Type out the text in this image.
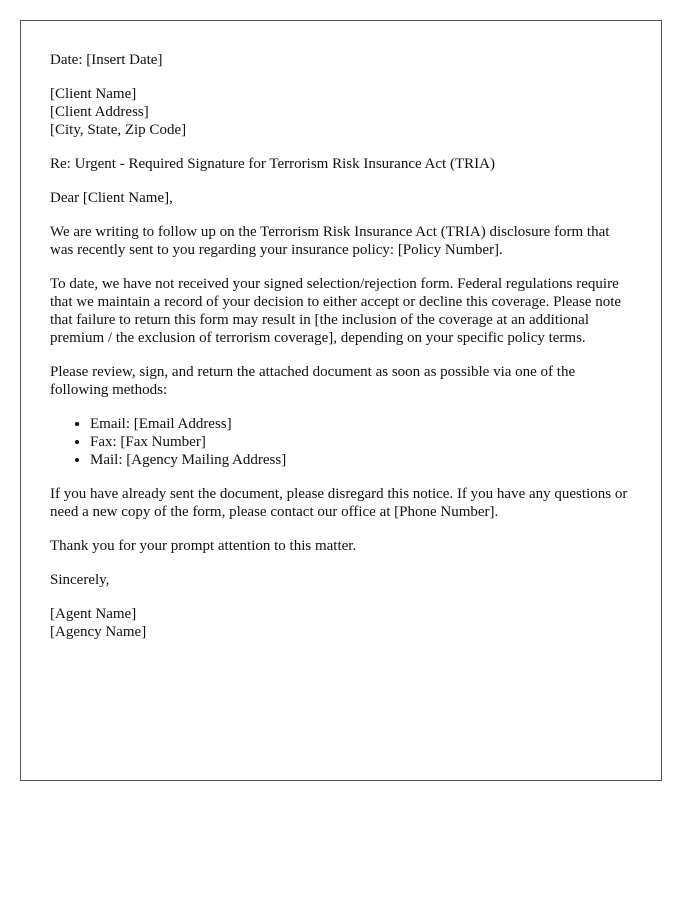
Date: [Insert Date]

[Client Name]
[Client Address]
[City, State, Zip Code]

Re: Urgent - Required Signature for Terrorism Risk Insurance Act (TRIA)

Dear [Client Name],

We are writing to follow up on the Terrorism Risk Insurance Act (TRIA) disclosure form that was recently sent to you regarding your insurance policy: [Policy Number].

To date, we have not received your signed selection/rejection form. Federal regulations require that we maintain a record of your decision to either accept or decline this coverage. Please note that failure to return this form may result in [the inclusion of the coverage at an additional premium / the exclusion of terrorism coverage], depending on your specific policy terms.

Please review, sign, and return the attached document as soon as possible via one of the following methods:

• Email: [Email Address]
• Fax: [Fax Number]
• Mail: [Agency Mailing Address]

If you have already sent the document, please disregard this notice. If you have any questions or need a new copy of the form, please contact our office at [Phone Number].

Thank you for your prompt attention to this matter.

Sincerely,

[Agent Name]
[Agency Name]
